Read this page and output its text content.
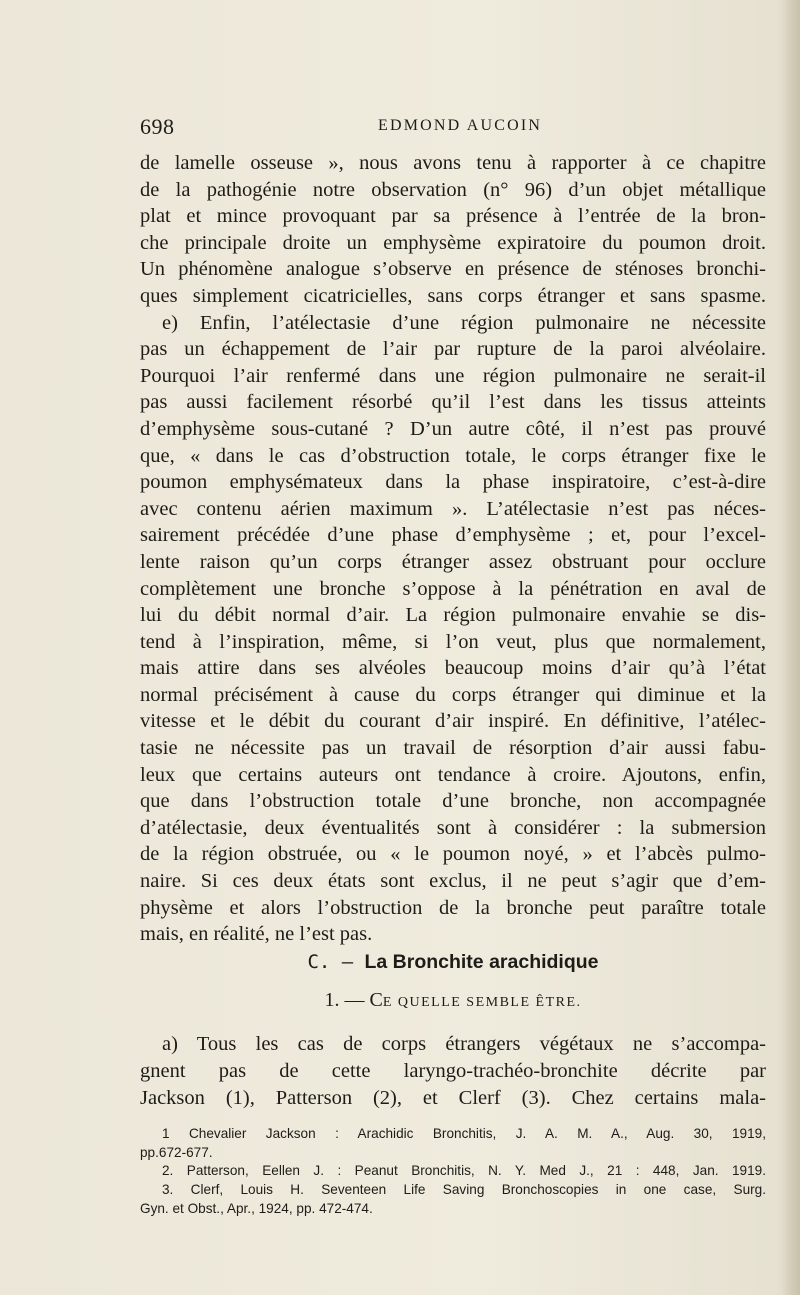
698	EDMOND AUCOIN
de lamelle osseuse », nous avons tenu à rapporter à ce chapitre
de la pathogénie notre observation (n° 96) d’un objet métallique
plat et mince provoquant par sa présence à l’entrée de la bron-
che principale droite un emphysème expiratoire du poumon droit.
Un phénomène analogue s’observe en présence de sténoses bronchi-
ques simplement cicatricielles, sans corps étranger et sans spasme.
e) Enfin, l’atélectasie d’une région pulmonaire ne nécessite
pas un échappement de l’air par rupture de la paroi alvéolaire.
Pourquoi l’air renfermé dans une région pulmonaire ne serait-il
pas aussi facilement résorbé qu’il l’est dans les tissus atteints
d’emphysème sous-cutané ? D’un autre côté, il n’est pas prouvé
que, « dans le cas d’obstruction totale, le corps étranger fixe le
poumon emphysémateux dans la phase inspiratoire, c’est-à-dire
avec contenu aérien maximum ». L’atélectasie n’est pas néces-
sairement précédée d’une phase d’emphysème ; et, pour l’excel-
lente raison qu’un corps étranger assez obstruant pour occlure
complètement une bronche s’oppose à la pénétration en aval de
lui du débit normal d’air. La région pulmonaire envahie se dis-
tend à l’inspiration, même, si l’on veut, plus que normalement,
mais attire dans ses alvéoles beaucoup moins d’air qu’à l’état
normal précisément à cause du corps étranger qui diminue et la
vitesse et le débit du courant d’air inspiré. En définitive, l’atélec-
tasie ne nécessite pas un travail de résorption d’air aussi fabu-
leux que certains auteurs ont tendance à croire. Ajoutons, enfin,
que dans l’obstruction totale d’une bronche, non accompagnée
d’atélectasie, deux éventualités sont à considérer : la submersion
de la région obstruée, ou « le poumon noyé, » et l’abcès pulmo-
naire. Si ces deux états sont exclus, il ne peut s’agir que d’em-
physème et alors l’obstruction de la bronche peut paraître totale
mais, en réalité, ne l’est pas.
C. — La Bronchite arachidique
1. — CE QUELLE SEMBLE ÊTRE.
a) Tous les cas de corps étrangers végétaux ne s’accompa-
gnent pas de cette laryngo-trachéo-bronchite décrite par
Jackson (1), Patterson (2), et Clerf (3). Chez certains mala-
1 Chevalier Jackson : Arachidic Bronchitis, J. A. M. A., Aug. 30, 1919,
pp.672-677.
2. Patterson, Eellen J. : Peanut Bronchitis, N. Y. Med J., 21 : 448, Jan. 1919.
3. Clerf, Louis H. Seventeen Life Saving Bronchoscopies in one case, Surg.
Gyn. et Obst., Apr., 1924, pp. 472-474.
